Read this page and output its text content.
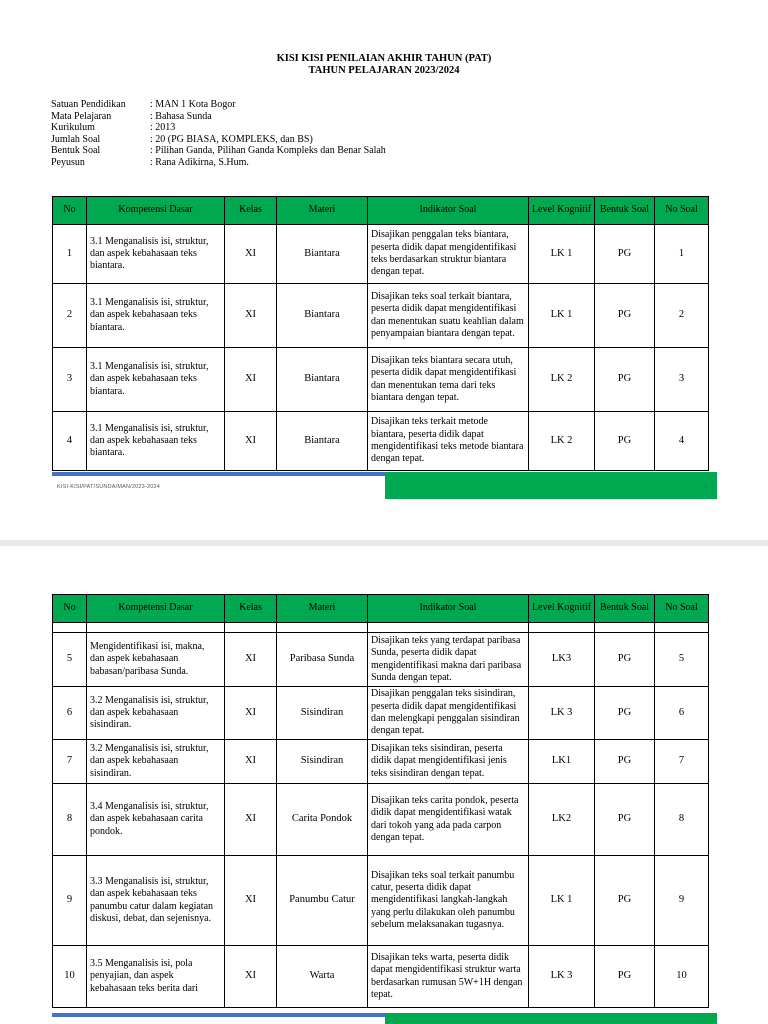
KISI KISI PENILAIAN AKHIR TAHUN (PAT)
TAHUN PELAJARAN 2023/2024
Satuan Pendidikan	: MAN 1 Kota Bogor
Mata Pelajaran	: Bahasa Sunda
Kurikulum	: 2013
Jumlah Soal	: 20 (PG BIASA, KOMPLEKS, dan BS)
Bentuk Soal	: Pilihan Ganda, Pilihan Ganda Kompleks dan Benar Salah
Peyusun	: Rana Adikirna, S.Hum.
No	Kompetensi Dasar	Kelas	Materi	Indikator Soal	Level Kognitif	Bentuk Soal	No Soal
1	3.1 Menganalisis isi, struktur, dan aspek kebahasaan teks biantara.	XI	Biantara	Disajikan penggalan teks biantara, peserta didik dapat mengidentifikasi teks berdasarkan struktur biantara dengan tepat.	LK 1	PG	1
2	3.1 Menganalisis isi, struktur, dan aspek kebahasaan teks biantara.	XI	Biantara	Disajikan teks soal terkait biantara, peserta didik dapat mengidentifikasi dan menentukan suatu keahlian dalam penyampaian biantara dengan tepat.	LK 1	PG	2
3	3.1 Menganalisis isi, struktur, dan aspek kebahasaan teks biantara.	XI	Biantara	Disajikan teks biantara secara utuh, peserta didik dapat mengidentifikasi dan menentukan tema dari teks biantara dengan tepat.	LK 2	PG	3
4	3.1 Menganalisis isi, struktur, dan aspek kebahasaan teks biantara.	XI	Biantara	Disajikan teks terkait metode biantara, peserta didik dapat mengidentifikasi teks metode biantara dengan tepat.	LK 2	PG	4
KISI-KISI/PAT/SUNDA/MAN/2023-2024	1
No	Kompetensi Dasar	Kelas	Materi	Indikator Soal	Level Kognitif	Bentuk Soal	No Soal

5	Mengidentifikasi isi, makna, dan aspek kebahasaan babasan/paribasa Sunda.	XI	Paribasa Sunda	Disajikan teks yang terdapat paribasa Sunda, peserta didik dapat mengidentifikasi makna dari paribasa Sunda dengan tepat.	LK3	PG	5
6	3.2 Menganalisis isi, struktur, dan aspek kebahasaan sisindiran.	XI	Sisindiran	Disajikan penggalan teks sisindiran, peserta didik dapat mengidentifikasi dan melengkapi penggalan sisindiran dengan tepat.	LK 3	PG	6
7	3.2 Menganalisis isi, struktur, dan aspek kebahasaan sisindiran.	XI	Sisindiran	Disajikan teks sisindiran, peserta didik dapat mengidentifikasi jenis teks sisindiran dengan tepat.	LK1	PG	7
8	3.4 Menganalisis isi, struktur, dan aspek kebahasaan carita pondok.	XI	Carita Pondok	Disajikan teks carita pondok, peserta didik dapat mengidentifikasi watak dari tokoh yang ada pada carpon dengan tepat.	LK2	PG	8
9	3.3 Menganalisis isi, struktur, dan aspek kebahasaan teks panumbu catur dalam kegiatan diskusi, debat, dan sejenisnya.	XI	Panumbu Catur	Disajikan teks soal terkait panumbu catur, peserta didik dapat mengidentifikasi langkah-langkah yang perlu dilakukan oleh panumbu sebelum melaksanakan tugasnya.	LK 1	PG	9
10	3.5 Menganalisis isi, pola penyajian, dan aspek kebahasaan teks berita dari	XI	Warta	Disajikan teks warta, peserta didik dapat mengidentifikasi struktur warta berdasarkan rumusan 5W+1H dengan tepat.	LK 3	PG	10
